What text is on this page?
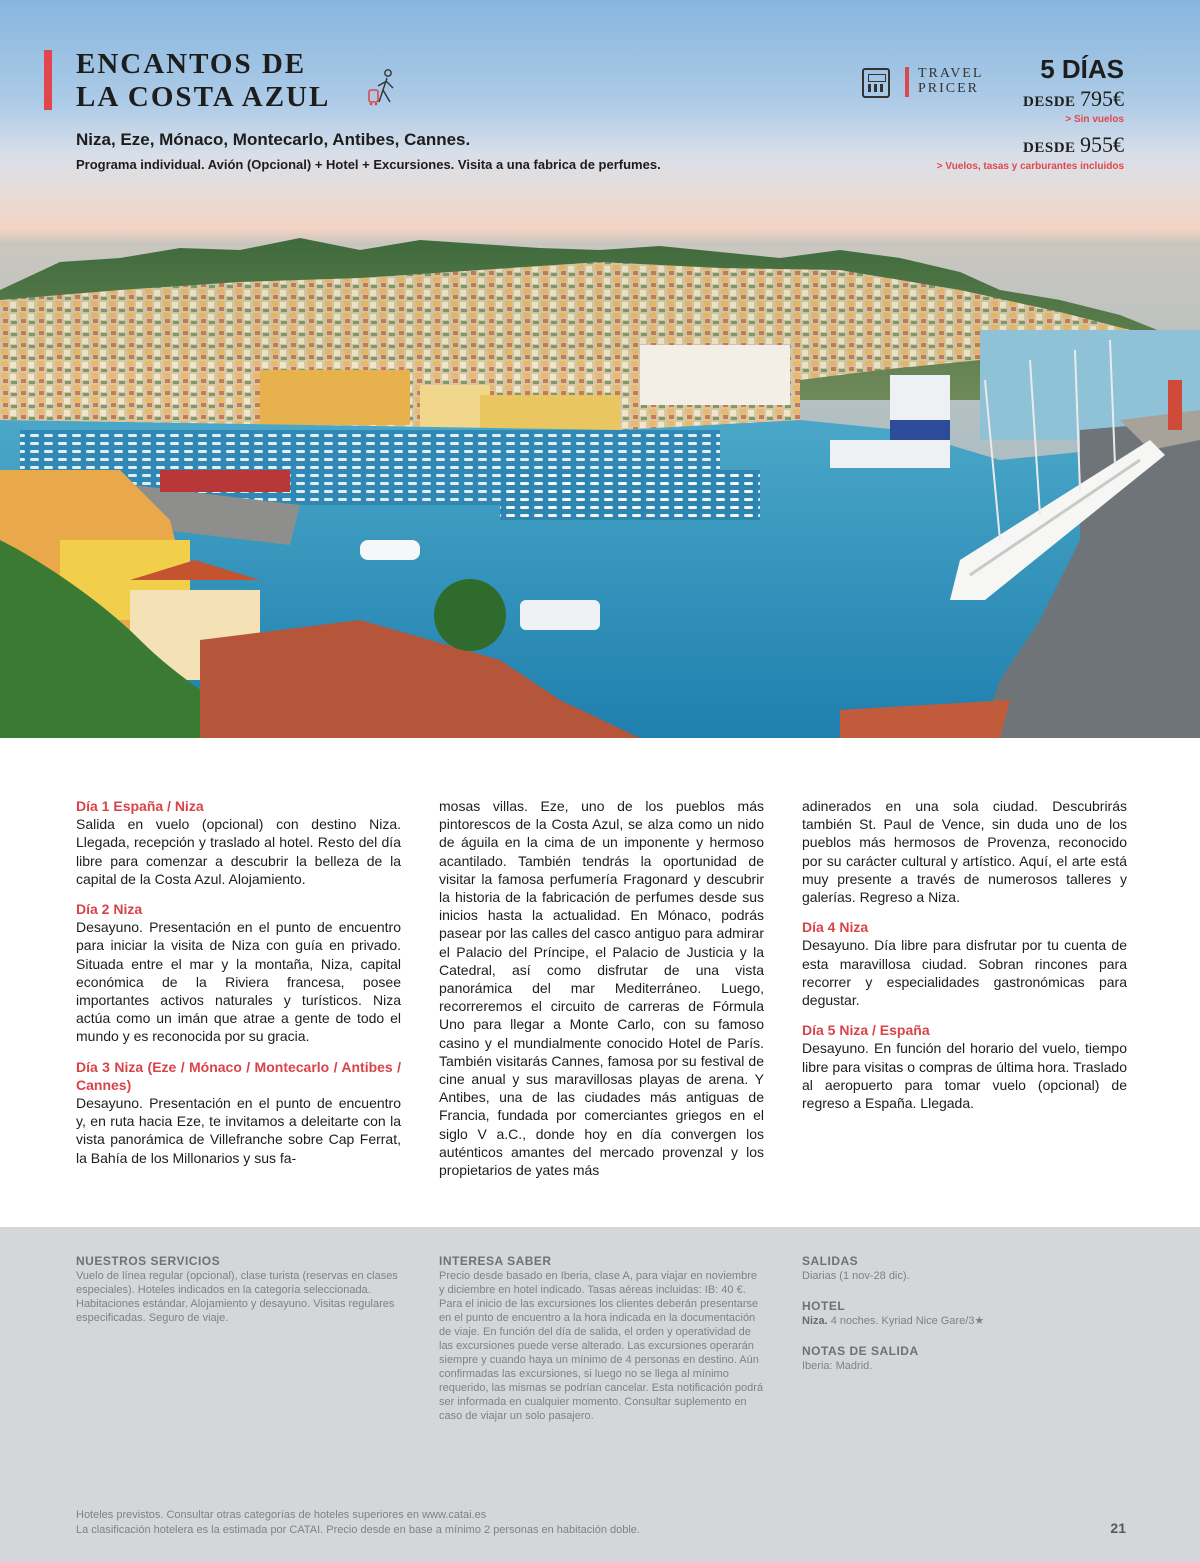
ENCANTOS DE
LA COSTA AZUL
Niza, Eze, Mónaco, Montecarlo, Antibes, Cannes.
Programa individual. Avión (Opcional) + Hotel + Excursiones. Visita a una fabrica de perfumes.
TRAVEL
PRICER
5 DÍAS
DESDE 795€
> Sin vuelos
DESDE 955€
> Vuelos, tasas y carburantes incluidos
Día 1 España / Niza

Salida en vuelo (opcional) con destino Niza. Llegada, recepción y traslado al hotel. Resto del día libre para comenzar a descubrir la belleza de la capital de la Costa Azul. Alojamiento.

Día 2 Niza

Desayuno. Presentación en el punto de encuentro para iniciar la visita de Niza con guía en privado. Situada entre el mar y la montaña, Niza, capital económica de la Riviera francesa, posee importantes activos naturales y turísticos. Niza actúa como un imán que atrae a gente de todo el mundo y es reconocida por su gracia.

Día 3 Niza (Eze / Mónaco / Montecarlo / Antibes / Cannes)

Desayuno. Presentación en el punto de encuentro y, en ruta hacia Eze, te invitamos a deleitarte con la vista panorámica de Villefranche sobre Cap Ferrat, la Bahía de los Millonarios y sus fa-

mosas villas. Eze, uno de los pueblos más pintorescos de la Costa Azul, se alza como un nido de águila en la cima de un imponente y hermoso acantilado. También tendrás la oportunidad de visitar la famosa perfumería Fragonard y descubrir la historia de la fabricación de perfumes desde sus inicios hasta la actualidad. En Mónaco, podrás pasear por las calles del casco antiguo para admirar el Palacio del Príncipe, el Palacio de Justicia y la Catedral, así como disfrutar de una vista panorámica del mar Mediterráneo. Luego, recorreremos el circuito de carreras de Fórmula Uno para llegar a Monte Carlo, con su famoso casino y el mundialmente conocido Hotel de París. También visitarás Cannes, famosa por su festival de cine anual y sus maravillosas playas de arena. Y Antibes, una de las ciudades más antiguas de Francia, fundada por comerciantes griegos en el siglo V a.C., donde hoy en día convergen los auténticos amantes del mercado provenzal y los propietarios de yates más

adinerados en una sola ciudad. Descubrirás también St. Paul de Vence, sin duda uno de los pueblos más hermosos de Provenza, reconocido por su carácter cultural y artístico. Aquí, el arte está muy presente a través de numerosos talleres y galerías. Regreso a Niza.

Día 4 Niza

Desayuno. Día libre para disfrutar por tu cuenta de esta maravillosa ciudad. Sobran rincones para recorrer y especialidades gastronómicas para degustar.

Día 5 Niza / España

Desayuno. En función del horario del vuelo, tiempo libre para visitas o compras de última hora. Traslado al aeropuerto para tomar vuelo (opcional) de regreso a España. Llegada.

NUESTROS SERVICIOS

Vuelo de línea regular (opcional), clase turista (reservas en clases especiales). Hoteles indicados en la categoría seleccionada. Habitaciones estándar. Alojamiento y desayuno. Visitas regulares especificadas. Seguro de viaje.

INTERESA SABER

Precio desde basado en Iberia, clase A, para viajar en noviembre y diciembre en hotel indicado. Tasas aéreas incluidas: IB: 40 €.

Para el inicio de las excursiones los clientes deberán presentarse en el punto de encuentro a la hora indicada en la documentación de viaje. En función del día de salida, el orden y operatividad de las excursiones puede verse alterado. Las excursiones operarán siempre y cuando haya un mínimo de 4 personas en destino. Aún confirmadas las excursiones, si luego no se llega al mínimo requerido, las mismas se podrían cancelar. Esta notificación podrá ser informada en cualquier momento. Consultar suplemento en caso de viajar un solo pasajero.

SALIDAS

Diarias (1 nov-28 dic).

HOTEL

Niza. 4 noches. Kyriad Nice Gare/3★

NOTAS DE SALIDA

Iberia: Madrid.

Hoteles previstos. Consultar otras categorías de hoteles superiores en www.catai.es
La clasificación hotelera es la estimada por CATAI. Precio desde en base a mínimo 2 personas en habitación doble.	21
